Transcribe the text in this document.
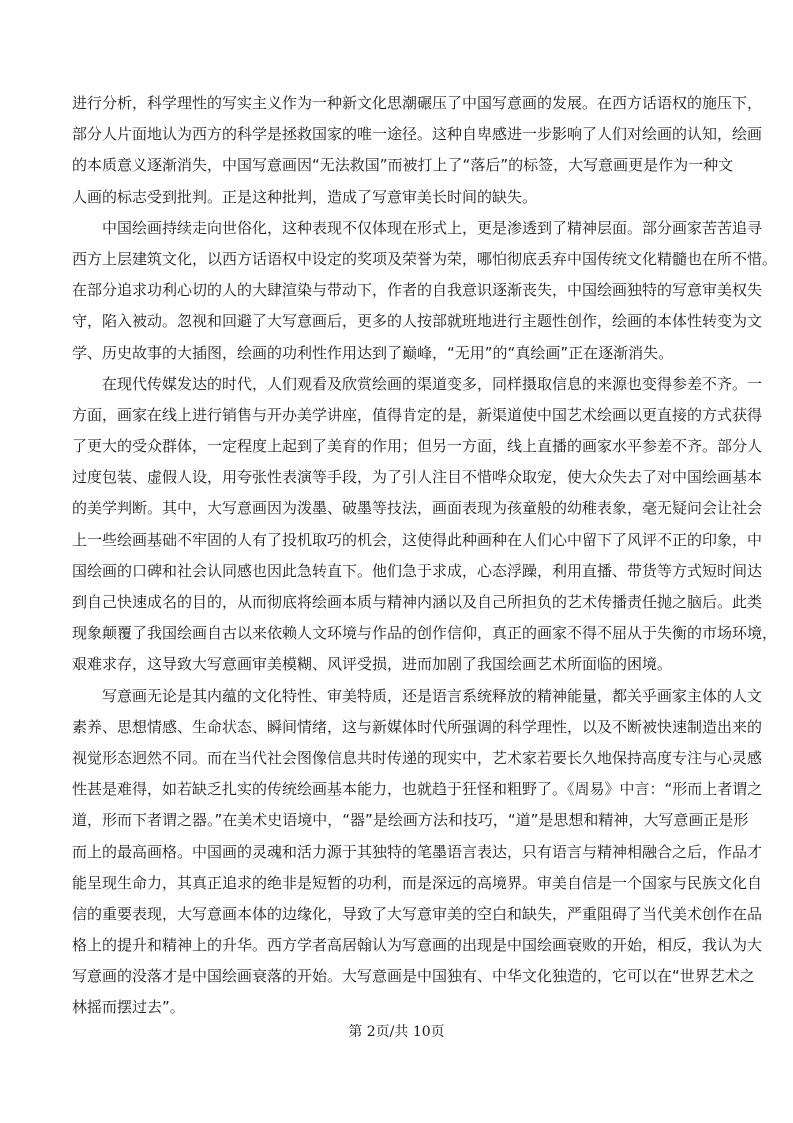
进行分析，科学理性的写实主义作为一种新文化思潮碾压了中国写意画的发展。在西方话语权的施压下，
部分人片面地认为西方的科学是拯救国家的唯一途径。这种自卑感进一步影响了人们对绘画的认知，绘画
的本质意义逐渐消失，中国写意画因“无法救国”而被打上了“落后”的标签，大写意画更是作为一种文
人画的标志受到批判。正是这种批判，造成了写意审美长时间的缺失。
中国绘画持续走向世俗化，这种表现不仅体现在形式上，更是渗透到了精神层面。部分画家苦苦追寻
西方上层建筑文化，以西方话语权中设定的奖项及荣誉为荣，哪怕彻底丢弃中国传统文化精髓也在所不惜。
在部分追求功利心切的人的大肆渲染与带动下，作者的自我意识逐渐丧失，中国绘画独特的写意审美权失
守，陷入被动。忽视和回避了大写意画后，更多的人按部就班地进行主题性创作，绘画的本体性转变为文
学、历史故事的大插图，绘画的功利性作用达到了巅峰，“无用”的“真绘画”正在逐渐消失。
在现代传媒发达的时代，人们观看及欣赏绘画的渠道变多，同样摄取信息的来源也变得参差不齐。一
方面，画家在线上进行销售与开办美学讲座，值得肯定的是，新渠道使中国艺术绘画以更直接的方式获得
了更大的受众群体，一定程度上起到了美育的作用；但另一方面，线上直播的画家水平参差不齐。部分人
过度包装、虚假人设，用夸张性表演等手段，为了引人注目不惜哗众取宠，使大众失去了对中国绘画基本
的美学判断。其中，大写意画因为泼墨、破墨等技法，画面表现为孩童般的幼稚表象，毫无疑问会让社会
上一些绘画基础不牢固的人有了投机取巧的机会，这使得此种画种在人们心中留下了风评不正的印象，中
国绘画的口碑和社会认同感也因此急转直下。他们急于求成，心态浮躁，利用直播、带货等方式短时间达
到自己快速成名的目的，从而彻底将绘画本质与精神内涵以及自己所担负的艺术传播责任抛之脑后。此类
现象颠覆了我国绘画自古以来依赖人文环境与作品的创作信仰，真正的画家不得不屈从于失衡的市场环境，
艰难求存，这导致大写意画审美模糊、风评受损，进而加剧了我国绘画艺术所面临的困境。
写意画无论是其内蕴的文化特性、审美特质，还是语言系统释放的精神能量，都关乎画家主体的人文
素养、思想情感、生命状态、瞬间情绪，这与新媒体时代所强调的科学理性，以及不断被快速制造出来的
视觉形态迥然不同。而在当代社会图像信息共时传递的现实中，艺术家若要长久地保持高度专注与心灵感
性甚是难得，如若缺乏扎实的传统绘画基本能力，也就趋于狂怪和粗野了。《周易》中言：“形而上者谓之
道，形而下者谓之器。”在美术史语境中，“器”是绘画方法和技巧，“道”是思想和精神，大写意画正是形
而上的最高画格。中国画的灵魂和活力源于其独特的笔墨语言表达，只有语言与精神相融合之后，作品才
能呈现生命力，其真正追求的绝非是短暂的功利，而是深远的高境界。审美自信是一个国家与民族文化自
信的重要表现，大写意画本体的边缘化，导致了大写意审美的空白和缺失，严重阻碍了当代美术创作在品
格上的提升和精神上的升华。西方学者高居翰认为写意画的出现是中国绘画衰败的开始，相反，我认为大
写意画的没落才是中国绘画衰落的开始。大写意画是中国独有、中华文化独造的，它可以在“世界艺术之
林摇而摆过去”。
第 2页/共 10页
